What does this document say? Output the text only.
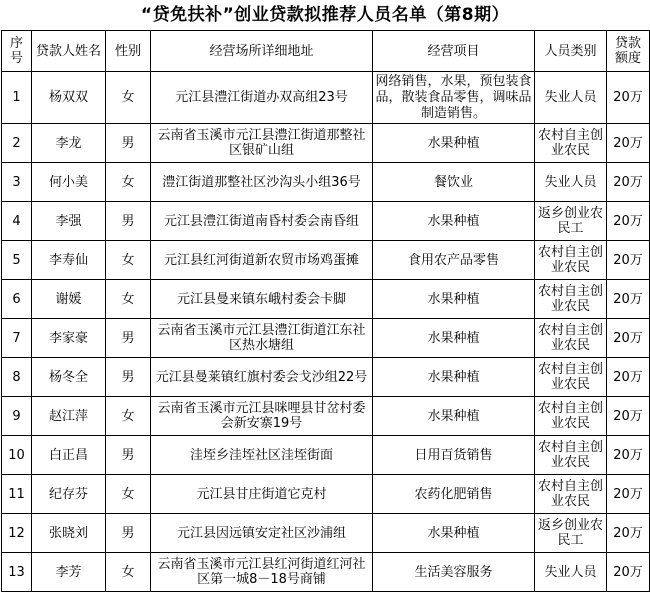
“贷免扶补”创业贷款拟推荐人员名单（第8期）
序号	贷款人姓名	性别	经营场所详细地址	经营项目	人员类别	贷款额度
1	杨双双	女	元江县澧江街道办双高组23号	网络销售，水果，预包装食品，散装食品零售，调味品制造销售。	失业人员	20万
2	李龙	男	云南省玉溪市元江县澧江街道那整社区银矿山组	水果种植	农村自主创业农民	20万
3	何小美	女	澧江街道那整社区沙沟头小组36号	餐饮业	失业人员	20万
4	李强	男	元江县澧江街道南昏村委会南昏组	水果种植	返乡创业农民工	20万
5	李寿仙	女	元江县红河街道新农贸市场鸡蛋摊	食用农产品零售	农村自主创业农民	20万
6	谢媛	女	元江县曼来镇东峨村委会卡脚	水果种植	农村自主创业农民	20万
7	李家豪	男	云南省玉溪市元江县澧江街道江东社区热水塘组	水果种植	农村自主创业农民	20万
8	杨冬全	男	元江县曼莱镇红旗村委会戈沙组22号	水果种植	农村自主创业农民	20万
9	赵江萍	女	云南省玉溪市元江县咪哩县甘岔村委会新安寨19号	水果种植	农村自主创业农民	20万
10	白正昌	男	洼垤乡洼垤社区洼垤街面	日用百货销售	农村自主创业农民	20万
11	纪存芬	女	元江县甘庄街道它克村	农药化肥销售	农村自主创业农民	20万
12	张晓刘	男	元江县因远镇安定社区沙浦组	水果种植	返乡创业农民工	20万
13	李芳	女	云南省玉溪市元江县红河街道红河社区第一城8－18号商铺	生活美容服务	失业人员	20万
